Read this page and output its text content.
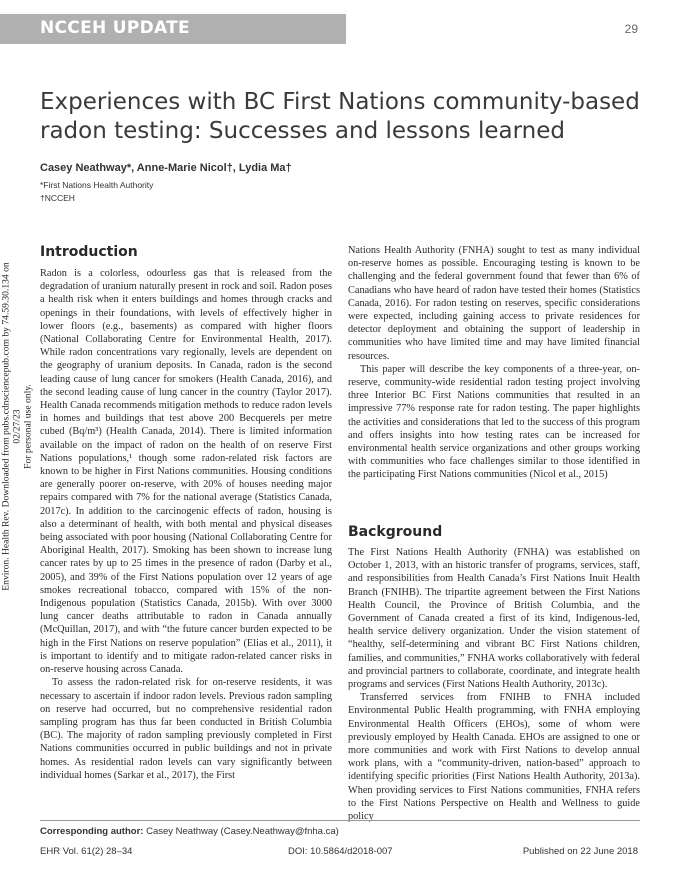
NCCEH UPDATE	29
Environ. Health Rev. Downloaded from pubs.cdnsciencepub.com by 74.59.30.134 on 02/27/23
For personal use only.
Experiences with BC First Nations community-based radon testing: Successes and lessons learned
Casey Neathway*, Anne-Marie Nicol†, Lydia Ma†
*First Nations Health Authority
†NCCEH
Introduction

Radon is a colorless, odourless gas that is released from the degradation of uranium naturally present in rock and soil. Radon poses a health risk when it enters buildings and homes through cracks and openings in their foundations, with levels of effectively higher in lower floors (e.g., basements) as compared with higher floors (National Collaborating Centre for Environmental Health, 2017). While radon concentrations vary regionally, levels are dependent on the geography of uranium deposits. In Canada, radon is the second leading cause of lung cancer for smokers (Health Canada, 2016), and the second leading cause of lung cancer in the country (Taylor 2017). Health Canada recommends mitigation methods to reduce radon levels in homes and buildings that test above 200 Becquerels per metre cubed (Bq/m³) (Health Canada, 2014). There is limited information available on the impact of radon on the health of on reserve First Nations populations,¹ though some radon-related risk factors are known to be higher in First Nations communities. Housing conditions are generally poorer on-reserve, with 20% of houses needing major repairs compared with 7% for the national average (Statistics Canada, 2017c). In addition to the carcinogenic effects of radon, housing is also a determinant of health, with both mental and physical diseases being associated with poor housing (National Collaborating Centre for Aboriginal Health, 2017). Smoking has been shown to increase lung cancer rates by up to 25 times in the presence of radon (Darby et al., 2005), and 39% of the First Nations population over 12 years of age smokes recreational tobacco, compared with 15% of the non-Indigenous population (Statistics Canada, 2015b). With over 3000 lung cancer deaths attributable to radon in Canada annually (McQuillan, 2017), and with “the future cancer burden expected to be high in the First Nations on reserve population” (Elias et al., 2011), it is important to identify and to mitigate radon-related cancer risks in on-reserve housing across Canada.

To assess the radon-related risk for on-reserve residents, it was necessary to ascertain if indoor radon levels. Previous radon sampling on reserve had occurred, but no comprehensive residential radon sampling program has thus far been conducted in British Columbia (BC). The majority of radon sampling previously completed in First Nations communities occurred in public buildings and not in private homes. As residential radon levels can vary significantly between individual homes (Sarkar et al., 2017), the First

Nations Health Authority (FNHA) sought to test as many individual on-reserve homes as possible. Encouraging testing is known to be challenging and the federal government found that fewer than 6% of Canadians who have heard of radon have tested their homes (Statistics Canada, 2016). For radon testing on reserves, specific considerations were expected, including gaining access to private residences for detector deployment and obtaining the support of leadership in communities who have limited time and may have limited financial resources.

This paper will describe the key components of a three-year, on-reserve, community-wide residential radon testing project involving three Interior BC First Nations communities that resulted in an impressive 77% response rate for radon testing. The paper highlights the activities and considerations that led to the success of this program and offers insights into how testing rates can be increased for environmental health service organizations and other groups working with communities who face challenges similar to those identified in the participating First Nations communities (Nicol et al., 2015)

Background

The First Nations Health Authority (FNHA) was established on October 1, 2013, with an historic transfer of programs, services, staff, and responsibilities from Health Canada’s First Nations Inuit Health Branch (FNIHB). The tripartite agreement between the First Nations Health Council, the Province of British Columbia, and the Government of Canada created a first of its kind, Indigenous-led, health service delivery organization. Under the vision statement of “healthy, self-determining and vibrant BC First Nations children, families, and communities,” FNHA works collaboratively with federal and provincial partners to collaborate, coordinate, and integrate health programs and services (First Nations Health Authority, 2013c).

Transferred services from FNIHB to FNHA included Environmental Public Health programming, with FNHA employing Environmental Health Officers (EHOs), some of whom were previously employed by Health Canada. EHOs are assigned to one or more communities and work with First Nations to develop annual work plans, with a “community-driven, nation-based” approach to identifying specific priorities (First Nations Health Authority, 2013a). When providing services to First Nations communities, FNHA refers to the First Nations Perspective on Health and Wellness to guide policy

Corresponding author: Casey Neathway (Casey.Neathway@fnha.ca)
EHR Vol. 61(2) 28–34	DOI: 10.5864/d2018-007	Published on 22 June 2018
